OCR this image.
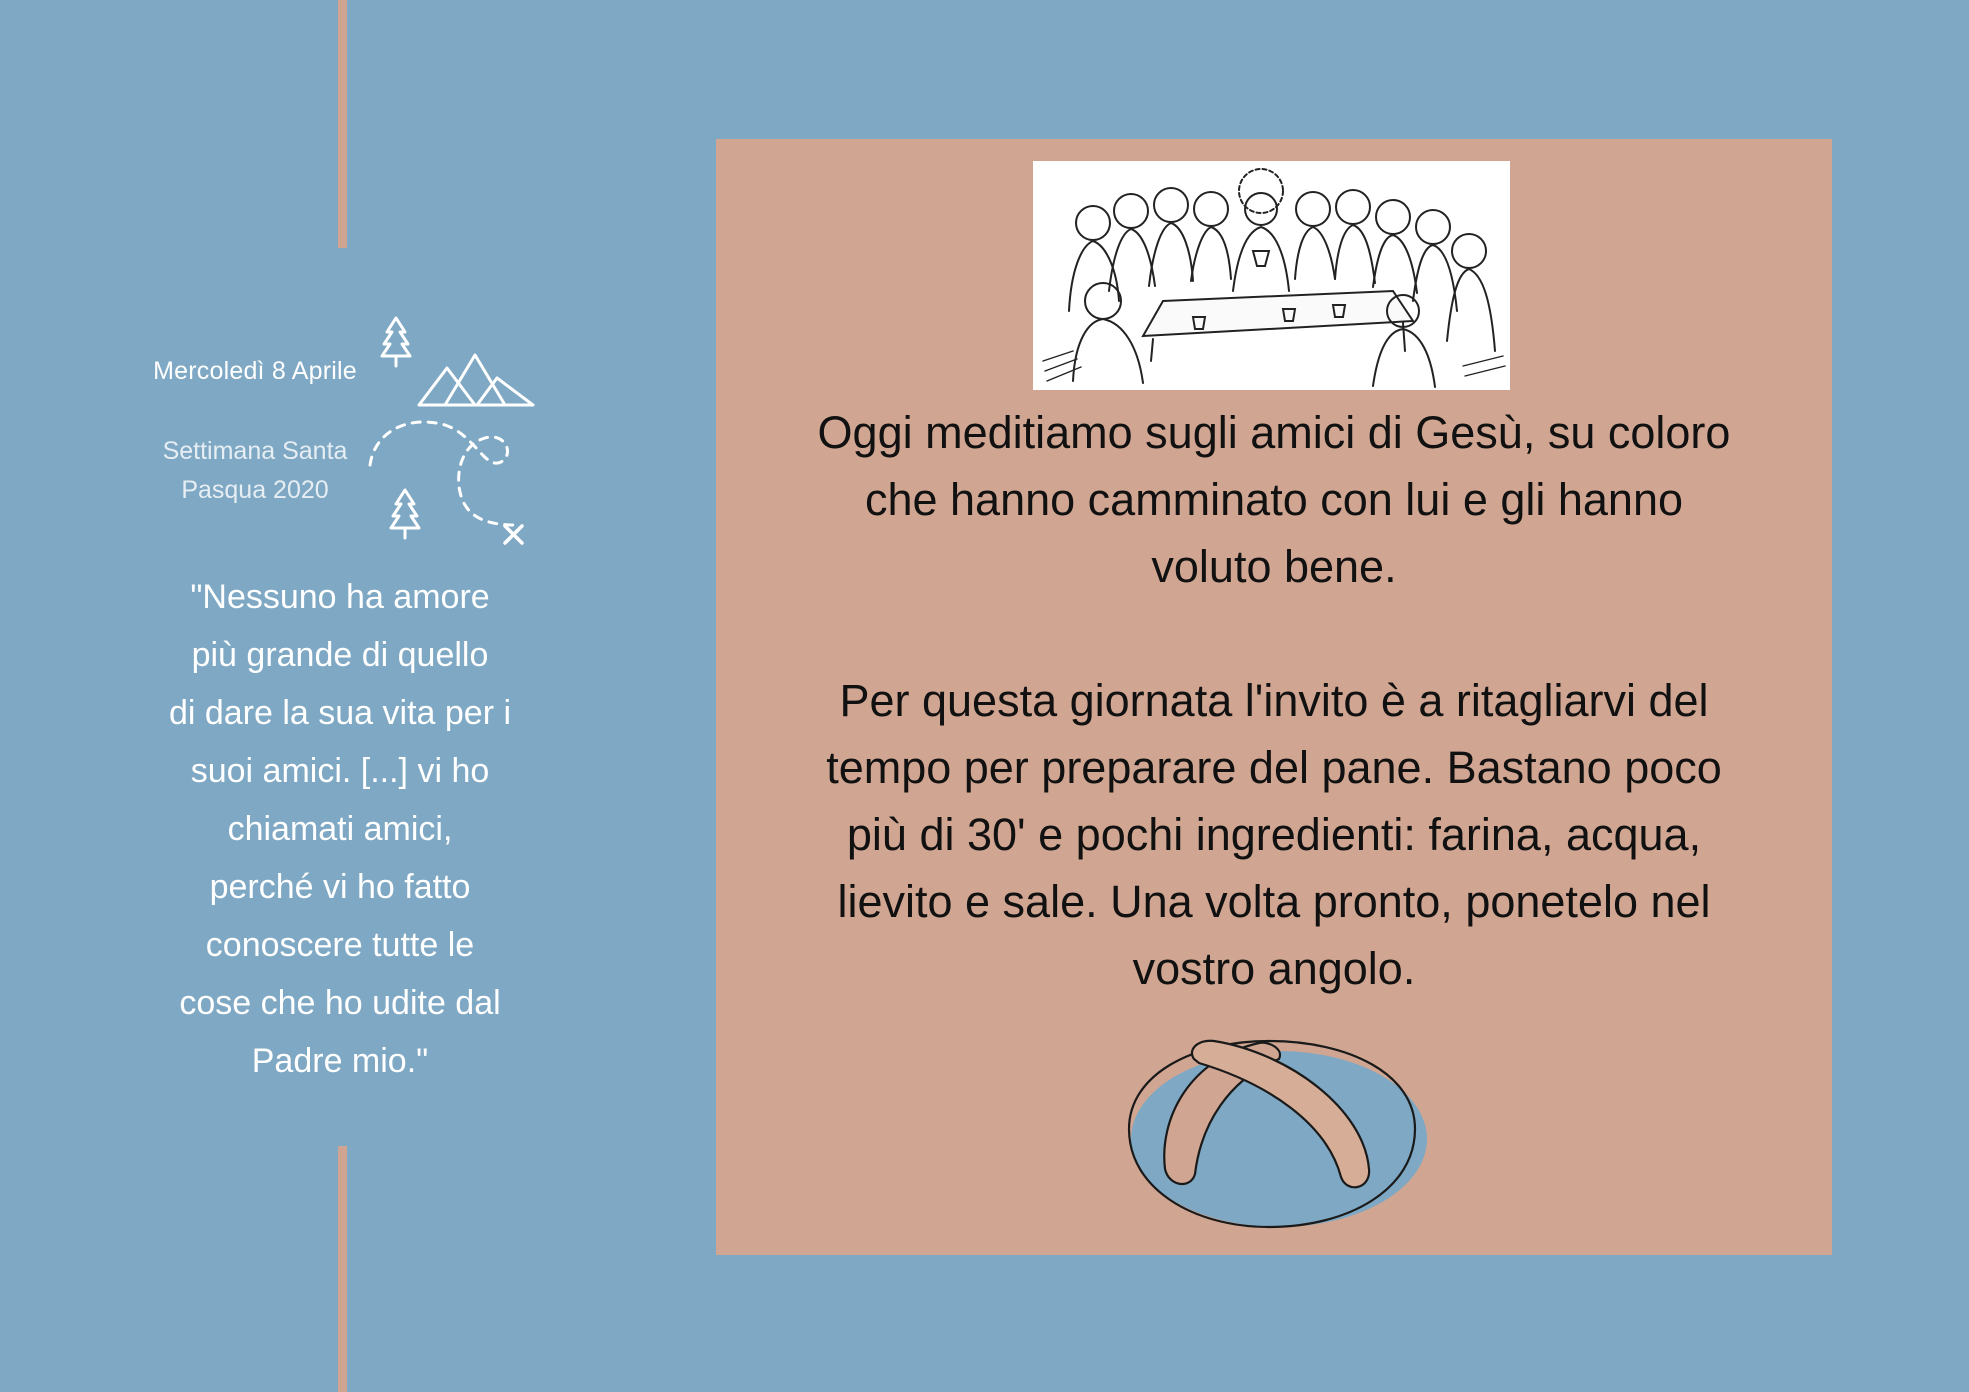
Mercoledì 8 Aprile
Settimana Santa
Pasqua 2020
"Nessuno ha amore
più grande di quello
di dare la sua vita per i
suoi amici. [...] vi ho
chiamati amici,
perché vi ho fatto
conoscere tutte le
cose che ho udite dal
Padre mio."
Oggi meditiamo sugli amici di Gesù, su coloro
che hanno camminato con lui e gli hanno
voluto bene.
Per questa giornata l'invito è a ritagliarvi del
tempo per preparare del pane. Bastano poco
più di 30' e pochi ingredienti: farina, acqua,
lievito e sale. Una volta pronto, ponetelo nel
vostro angolo.
